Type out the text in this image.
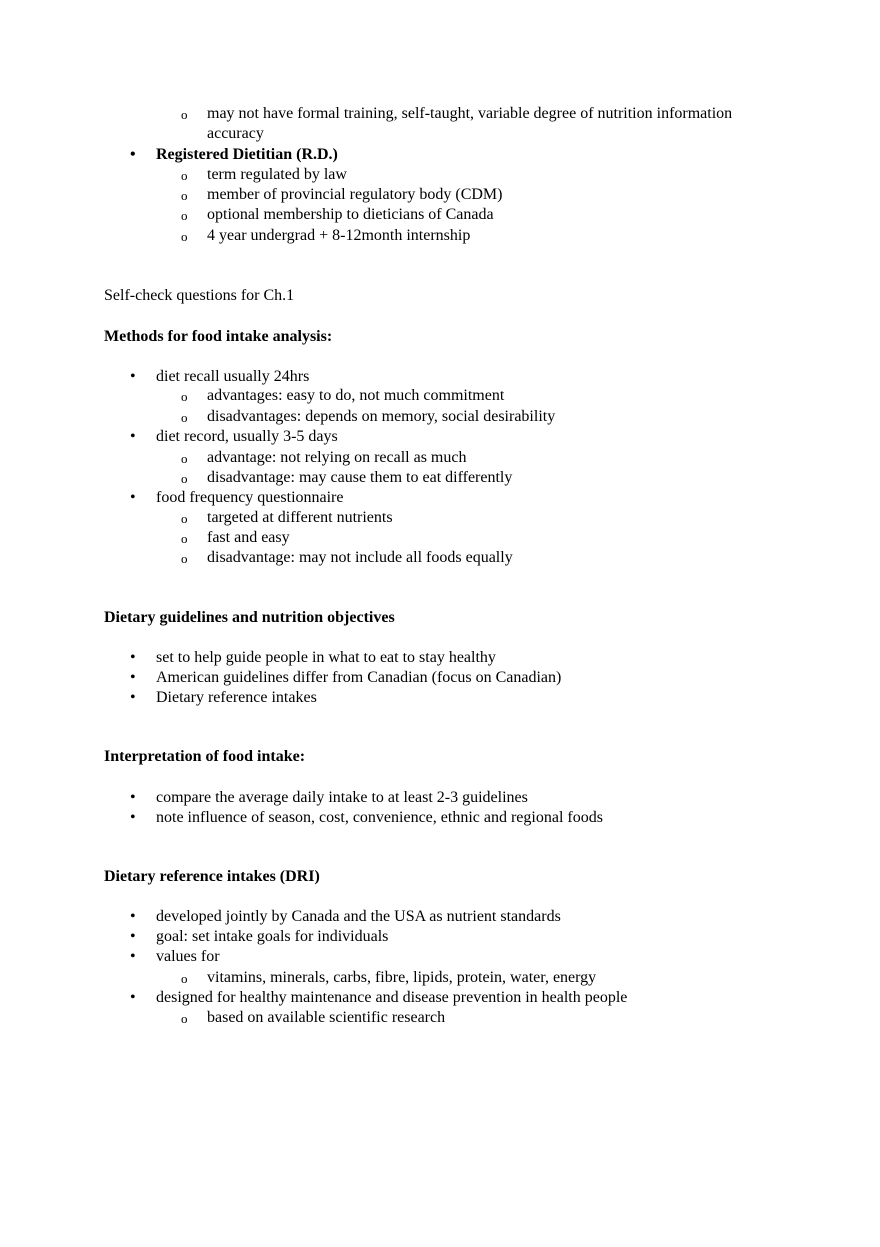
o may not have formal training, self-taught, variable degree of nutrition information
accuracy
• Registered Dietitian (R.D.)
o term regulated by law
o member of provincial regulatory body (CDM)
o optional membership to dieticians of Canada
o 4 year undergrad + 8-12month internship
Self-check questions for Ch.1
Methods for food intake analysis:
• diet recall usually 24hrs
o advantages: easy to do, not much commitment
o disadvantages: depends on memory, social desirability
• diet record, usually 3-5 days
o advantage: not relying on recall as much
o disadvantage: may cause them to eat differently
• food frequency questionnaire
o targeted at different nutrients
o fast and easy
o disadvantage: may not include all foods equally
Dietary guidelines and nutrition objectives
• set to help guide people in what to eat to stay healthy
• American guidelines differ from Canadian (focus on Canadian)
• Dietary reference intakes
Interpretation of food intake:
• compare the average daily intake to at least 2-3 guidelines
• note influence of season, cost, convenience, ethnic and regional foods
Dietary reference intakes (DRI)
• developed jointly by Canada and the USA as nutrient standards
• goal: set intake goals for individuals
• values for
o vitamins, minerals, carbs, fibre, lipids, protein, water, energy
• designed for healthy maintenance and disease prevention in health people
o based on available scientific research
